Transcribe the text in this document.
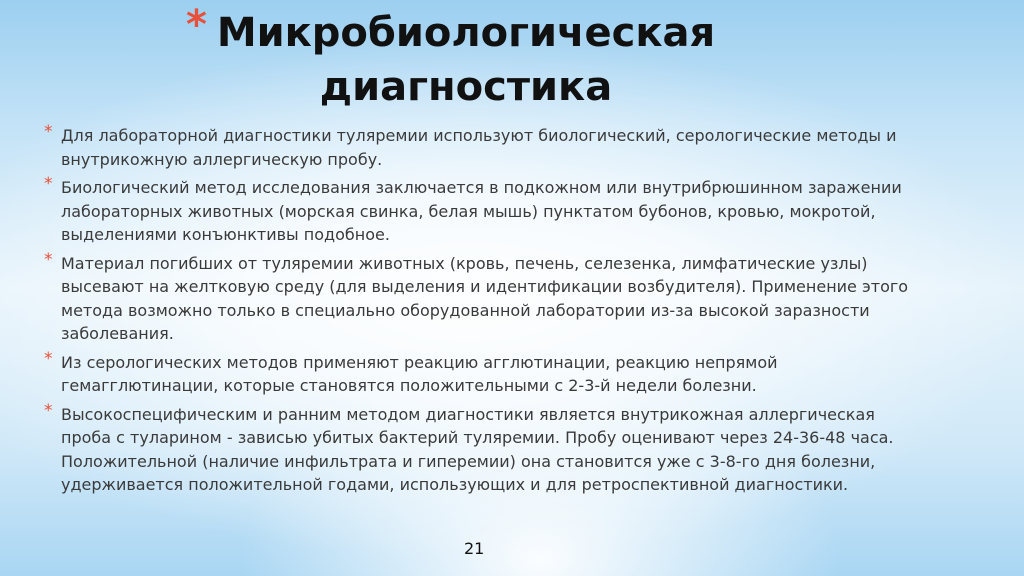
* Микробиологическая
диагностика
* Для лабораторной диагностики туляремии используют биологический, серологические методы и внутрикожную аллергическую пробу.
* Биологический метод исследования заключается в подкожном или внутрибрюшинном заражении лабораторных животных (морская свинка, белая мышь) пунктатом бубонов, кровью, мокротой, выделениями конъюнктивы подобное.
* Материал погибших от туляремии животных (кровь, печень, селезенка, лимфатические узлы) высевают на желтковую среду (для выделения и идентификации возбудителя). Применение этого метода возможно только в специально оборудованной лаборатории из-за высокой заразности заболевания.
* Из серологических методов применяют реакцию агглютинации, реакцию непрямой гемагглютинации, которые становятся положительными с 2-3-й недели болезни.
* Высокоспецифическим и ранним методом диагностики является внутрикожная аллергическая проба с туларином - зависью убитых бактерий туляремии. Пробу оценивают через 24-36-48 часа. Положительной (наличие инфильтрата и гиперемии) она становится уже с 3-8-го дня болезни, удерживается положительной годами, использующих и для ретроспективной диагностики.
21
